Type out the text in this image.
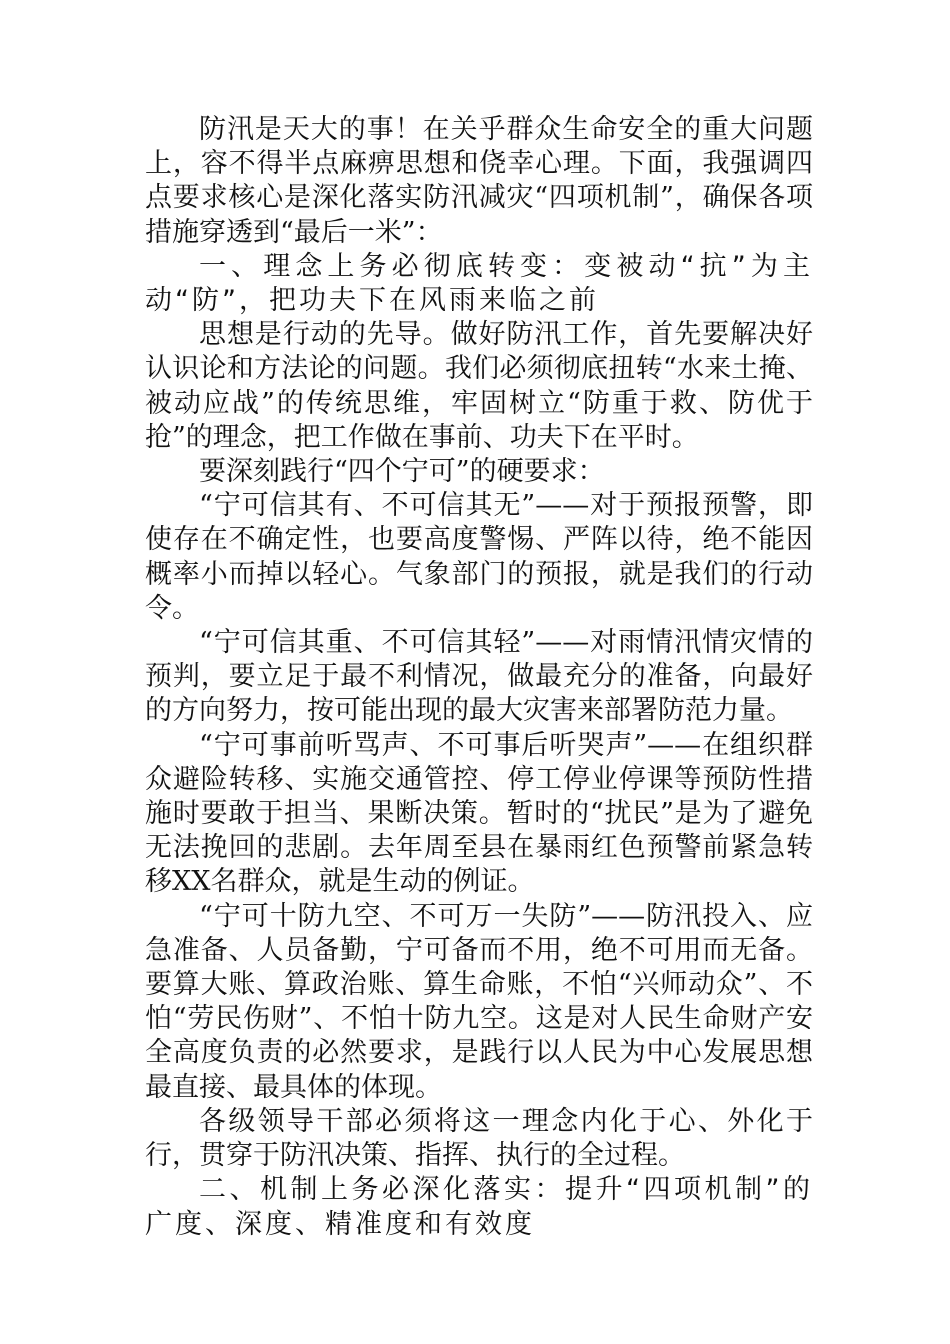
防汛是天大的事！在关乎群众生命安全的重大问题上，容不得半点麻痹思想和侥幸心理。下面，我强调四点要求核心是深化落实防汛减灾“四项机制”，确保各项措施穿透到“最后一米”：

一、理念上务必彻底转变：变被动“抗”为主动“防”，把功夫下在风雨来临之前

思想是行动的先导。做好防汛工作，首先要解决好认识论和方法论的问题。我们必须彻底扭转“水来土掩、被动应战”的传统思维，牢固树立“防重于救、防优于抢”的理念，把工作做在事前、功夫下在平时。

要深刻践行“四个宁可”的硬要求：

“宁可信其有、不可信其无”——对于预报预警，即使存在不确定性，也要高度警惕、严阵以待，绝不能因概率小而掉以轻心。气象部门的预报，就是我们的行动令。

“宁可信其重、不可信其轻”——对雨情汛情灾情的预判，要立足于最不利情况，做最充分的准备，向最好的方向努力，按可能出现的最大灾害来部署防范力量。

“宁可事前听骂声、不可事后听哭声”——在组织群众避险转移、实施交通管控、停工停业停课等预防性措施时要敢于担当、果断决策。暂时的“扰民”是为了避免无法挽回的悲剧。去年周至县在暴雨红色预警前紧急转移XX名群众，就是生动的例证。

“宁可十防九空、不可万一失防”——防汛投入、应急准备、人员备勤，宁可备而不用，绝不可用而无备。要算大账、算政治账、算生命账，不怕“兴师动众”、不怕“劳民伤财”、不怕十防九空。这是对人民生命财产安全高度负责的必然要求，是践行以人民为中心发展思想最直接、最具体的体现。

各级领导干部必须将这一理念内化于心、外化于行，贯穿于防汛决策、指挥、执行的全过程。

二、机制上务必深化落实：提升“四项机制”的广度、深度、精准度和有效度
